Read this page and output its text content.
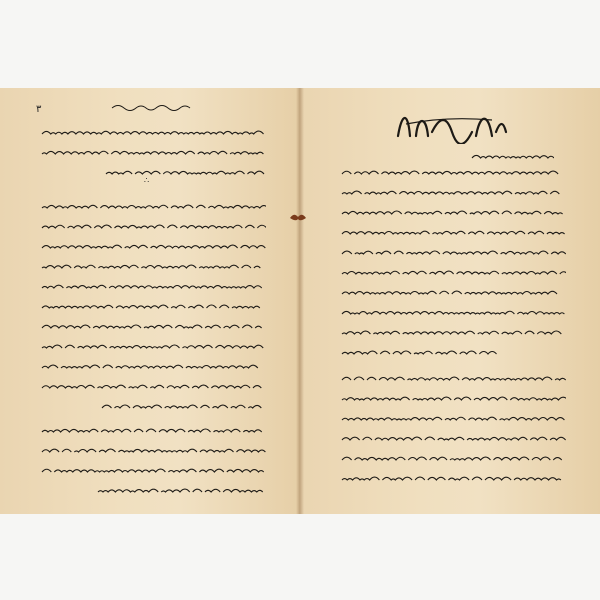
٣
∴
